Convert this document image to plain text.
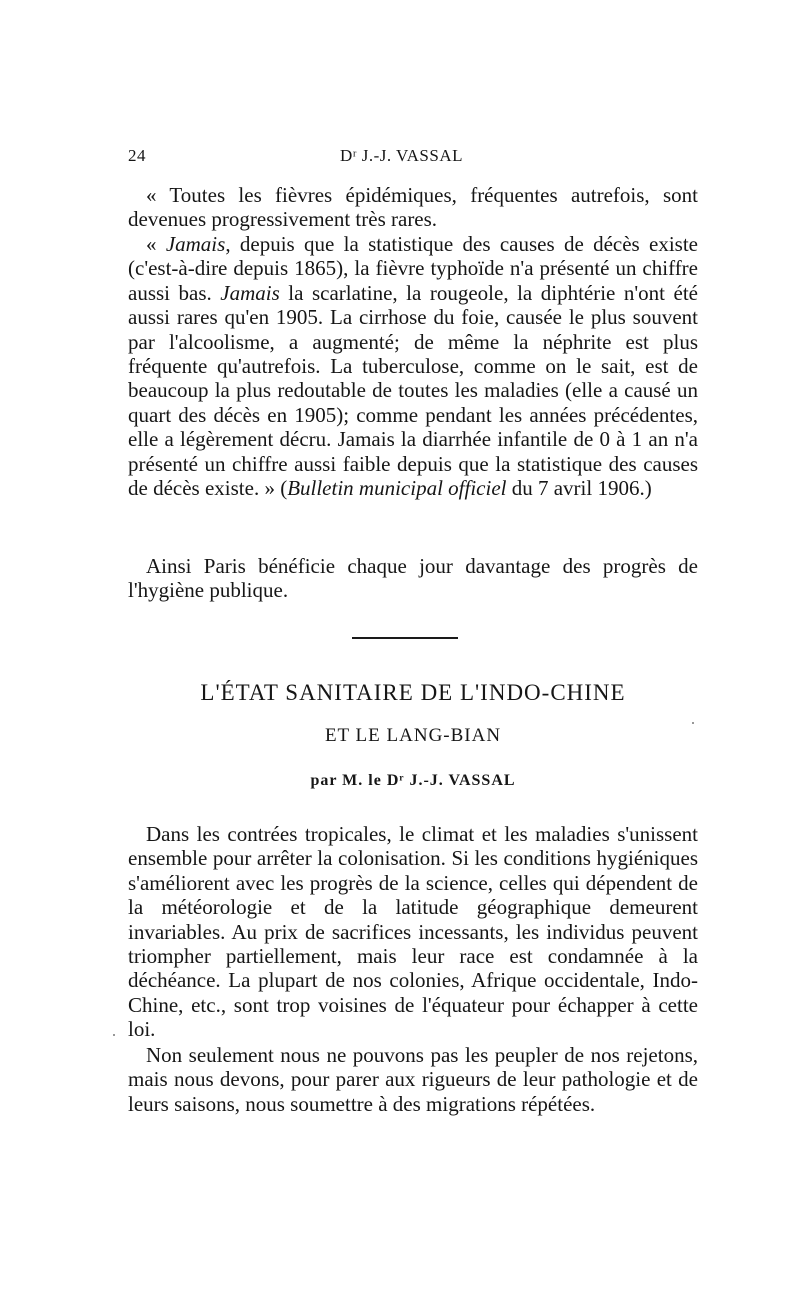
24	Dʳ J.-J. VASSAL

« Toutes les fièvres épidémiques, fréquentes autrefois, sont devenues progressivement très rares.

« Jamais, depuis que la statistique des causes de décès existe (c'est-à-dire depuis 1865), la fièvre typhoïde n'a présenté un chiffre aussi bas. Jamais la scarlatine, la rougeole, la diphtérie n'ont été aussi rares qu'en 1905. La cirrhose du foie, causée le plus souvent par l'alcoolisme, a augmenté; de même la néphrite est plus fréquente qu'autrefois. La tuberculose, comme on le sait, est de beaucoup la plus redoutable de toutes les maladies (elle a causé un quart des décès en 1905); comme pendant les années précédentes, elle a légèrement décru. Jamais la diarrhée infantile de 0 à 1 an n'a présenté un chiffre aussi faible depuis que la statistique des causes de décès existe. » (Bulletin municipal officiel du 7 avril 1906.)

Ainsi Paris bénéficie chaque jour davantage des progrès de l'hygiène publique.

L'ÉTAT SANITAIRE DE L'INDO-CHINE
ET LE LANG-BIAN
par M. le Dʳ J.-J. VASSAL

Dans les contrées tropicales, le climat et les maladies s'unissent ensemble pour arrêter la colonisation. Si les conditions hygiéniques s'améliorent avec les progrès de la science, celles qui dépendent de la météorologie et de la latitude géographique demeurent invariables. Au prix de sacrifices incessants, les individus peuvent triompher partiellement, mais leur race est condamnée à la déchéance. La plupart de nos colonies, Afrique occidentale, Indo-Chine, etc., sont trop voisines de l'équateur pour échapper à cette loi.

Non seulement nous ne pouvons pas les peupler de nos rejetons, mais nous devons, pour parer aux rigueurs de leur pathologie et de leurs saisons, nous soumettre à des migrations répétées.
